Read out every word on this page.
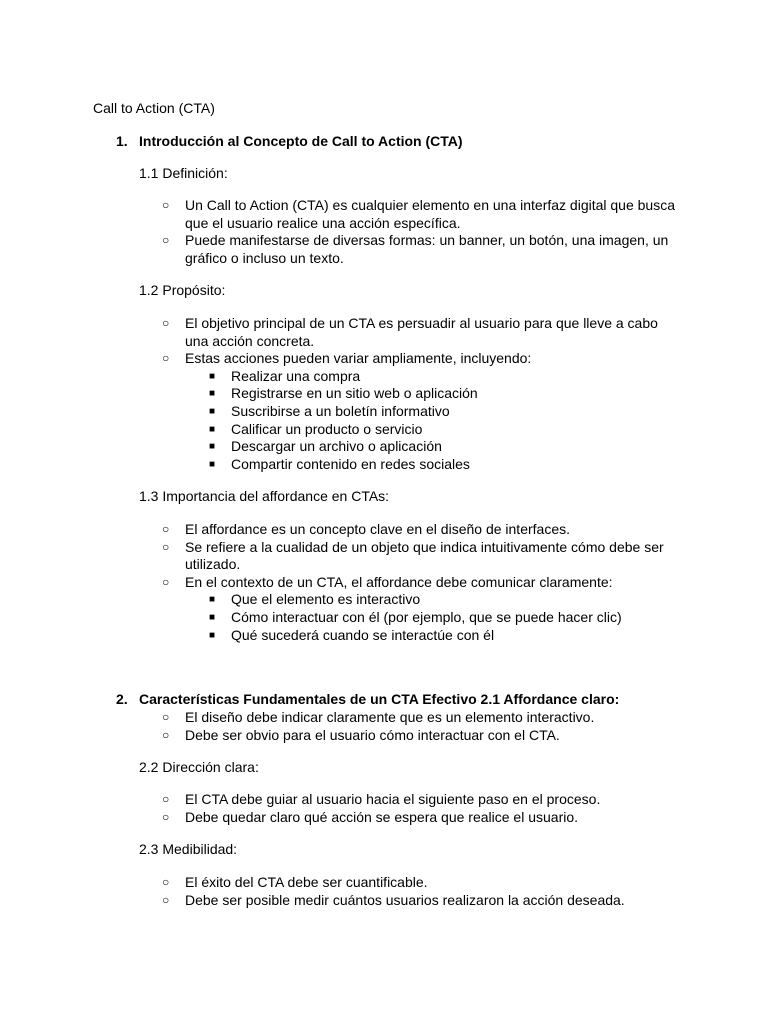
Call to Action (CTA)

1. Introducción al Concepto de Call to Action (CTA)

1.1 Definición:

○ Un Call to Action (CTA) es cualquier elemento en una interfaz digital que busca que el usuario realice una acción específica.
○ Puede manifestarse de diversas formas: un banner, un botón, una imagen, un gráfico o incluso un texto.

1.2 Propósito:

○ El objetivo principal de un CTA es persuadir al usuario para que lleve a cabo una acción concreta.
○ Estas acciones pueden variar ampliamente, incluyendo:
■ Realizar una compra
■ Registrarse en un sitio web o aplicación
■ Suscribirse a un boletín informativo
■ Calificar un producto o servicio
■ Descargar un archivo o aplicación
■ Compartir contenido en redes sociales

1.3 Importancia del affordance en CTAs:

○ El affordance es un concepto clave en el diseño de interfaces.
○ Se refiere a la cualidad de un objeto que indica intuitivamente cómo debe ser utilizado.
○ En el contexto de un CTA, el affordance debe comunicar claramente:
■ Que el elemento es interactivo
■ Cómo interactuar con él (por ejemplo, que se puede hacer clic)
■ Qué sucederá cuando se interactúe con él

2. Características Fundamentales de un CTA Efectivo 2.1 Affordance claro:

○ El diseño debe indicar claramente que es un elemento interactivo.
○ Debe ser obvio para el usuario cómo interactuar con el CTA.

2.2 Dirección clara:

○ El CTA debe guiar al usuario hacia el siguiente paso en el proceso.
○ Debe quedar claro qué acción se espera que realice el usuario.

2.3 Medibilidad:

○ El éxito del CTA debe ser cuantificable.
○ Debe ser posible medir cuántos usuarios realizaron la acción deseada.
